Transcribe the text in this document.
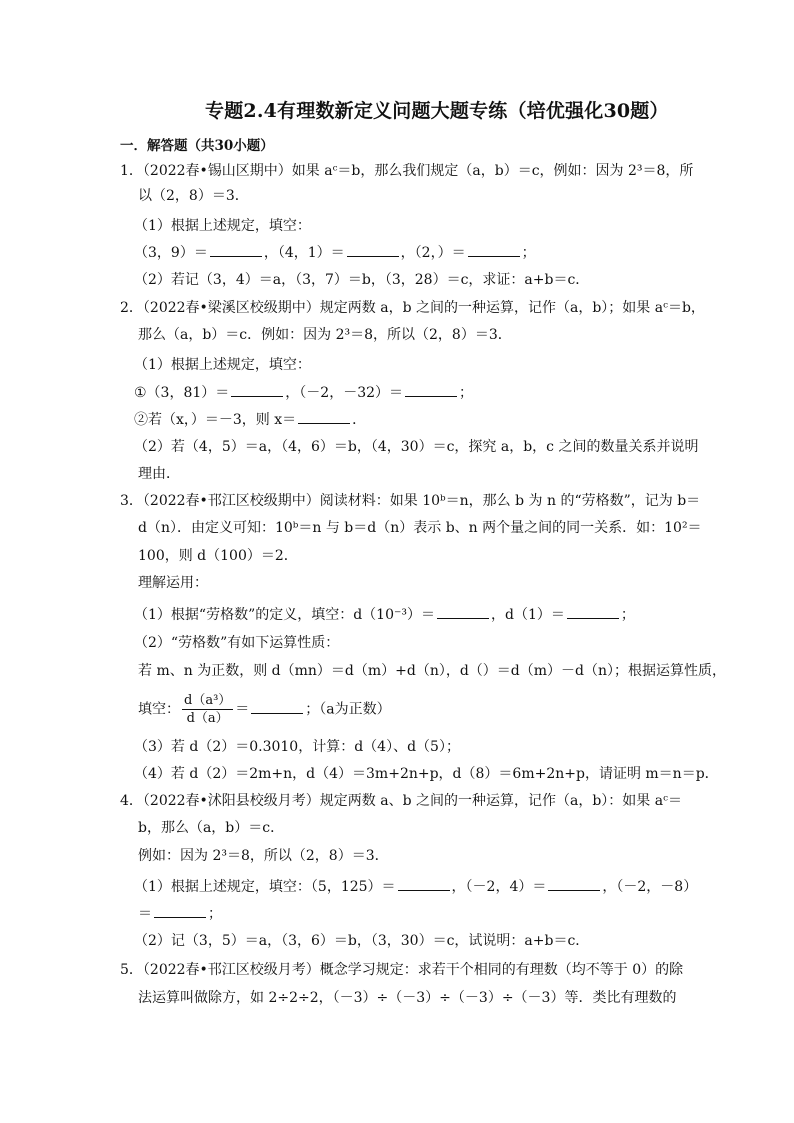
专题2.4有理数新定义问题大题专练（培优强化30题）
一．解答题（共30小题）
1．（2022春•锡山区期中）如果 aᶜ＝b，那么我们规定（a，b）＝c，例如：因为 2³＝8，所
以（2，8）＝3．
（1）根据上述规定，填空：
（3，9）＝	，（4，1）＝	，（2，）＝	；
（2）若记（3，4）＝a，（3，7）＝b，（3，28）＝c，求证：a+b＝c．
2．（2022春•梁溪区校级期中）规定两数 a，b 之间的一种运算，记作（a，b）；如果 aᶜ＝b，
那么（a，b）＝c．例如：因为 2³＝8，所以（2，8）＝3．
（1）根据上述规定，填空：
①（3，81）＝	，（－2，－32）＝	；
②若（x，）＝－3，则 x＝	．
（2）若（4，5）＝a，（4，6）＝b，（4，30）＝c，探究 a，b，c 之间的数量关系并说明
理由．
3．（2022春•邗江区校级期中）阅读材料：如果 10ᵇ＝n，那么 b 为 n 的“劳格数”，记为 b＝
d（n）．由定义可知：10ᵇ＝n 与 b＝d（n）表示 b、n 两个量之间的同一关系．如：10²＝
100，则 d（100）＝2．
理解运用：
（1）根据“劳格数”的定义，填空：d（10⁻³）＝	，d（1）＝	；
（2）“劳格数”有如下运算性质：
若 m、n 为正数，则 d（mn）＝d（m）+d（n），d（）＝d（m）－d（n）；根据运算性质，
填空： $\frac{\text{d（a³）}}{d(a)}$ ＝	；（a为正数）
（3）若 d（2）＝0.3010，计算：d（4）、d（5）；
（4）若 d（2）＝2m+n，d（4）＝3m+2n+p，d（8）＝6m+2n+p，请证明 m＝n＝p．
4．（2022春•沭阳县校级月考）规定两数 a、b 之间的一种运算，记作（a，b）：如果 aᶜ＝
b，那么（a，b）＝c．
例如：因为 2³＝8，所以（2，8）＝3．
（1）根据上述规定，填空：（5，125）＝	，（－2，4）＝	，（－2，－8）
＝	；
（2）记（3，5）＝a，（3，6）＝b，（3，30）＝c，试说明：a+b＝c．
5．（2022春•邗江区校级月考）概念学习规定：求若干个相同的有理数（均不等于 0）的除
法运算叫做除方，如 2÷2÷2，（－3）÷（－3）÷（－3）÷（－3）等．类比有理数的
